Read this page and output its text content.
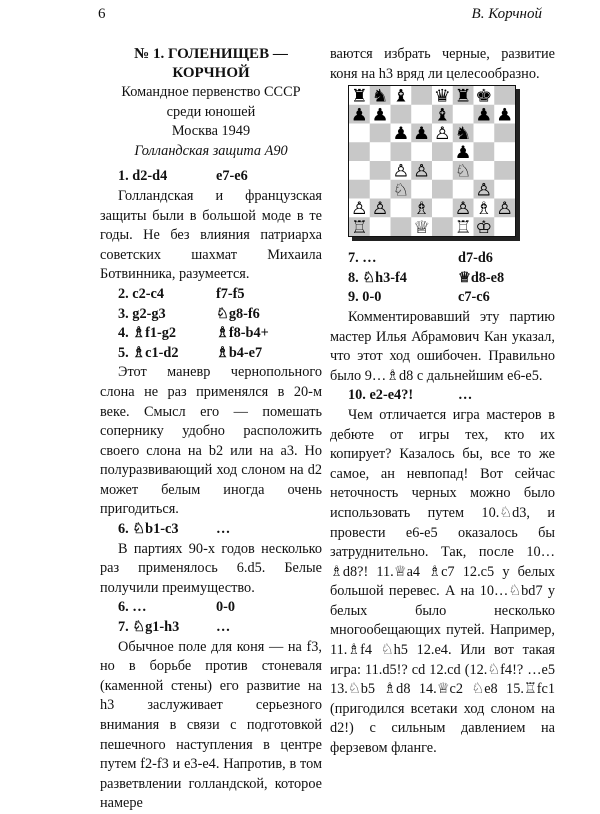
6	В. Корчной
№ 1. ГОЛЕНИЩЕВ —
КОРЧНОЙ

Командное первенство СССР

среди юношей

Москва 1949

Голландская защита А90

1. d2-d4	e7-e6

Голландская и французская защиты были в большой моде в те годы. Не без влияния патриарха советских шахмат Михаила Ботвинника, разумеется.

2. c2-c4	f7-f5
3. g2-g3	♘g8-f6
4. ♗f1-g2	♗f8-b4+
5. ♗c1-d2	♗b4-e7

Этот маневр чернопольного слона не раз применялся в 20-м веке. Смысл его — помешать сопернику удобно расположить своего слона на b2 или на а3. Но полуразвивающий ход слоном на d2 может белым иногда очень пригодиться.

6. ♘b1-c3	…

В партиях 90-х годов несколько раз применялось 6.d5. Белые получили преимущество.

6. …	0-0
7. ♘g1-h3	…

Обычное поле для коня — на f3, но в борьбе против стоневаля (каменной стены) его развитие на h3 заслуживает серьезного внимания в связи с подготовкой пешечного наступления в центре путем f2-f3 и е3-е4. Напротив, в том разветвлении голландской, которое намере

ваются избрать черные, развитие коня на h3 вряд ли целесообразно.

7. …	d7-d6
8. ♘h3-f4	♕d8-e8
9. 0-0	c7-c6

Комментировавший эту партию мастер Илья Абрамович Кан указал, что этот ход ошибочен. Правильно было 9…♗d8 с дальнейшим е6-е5.

10. e2-e4?!	…

Чем отличается игра мастеров в дебюте от игры тех, кто их копирует? Казалось бы, все то же самое, ан невпопад! Вот сейчас неточность черных можно было использовать путем 10.♘d3, и провести е6-е5 оказалось бы затруднительно. Так, после 10…♗d8?! 11.♕a4 ♗c7 12.c5 у белых большой перевес. А на 10…♘bd7 у белых было несколько многообещающих путей. Например, 11.♗f4 ♘h5 12.e4. Или вот такая игра: 11.d5!? cd 12.cd (12.♘f4!? …e5 13.♘b5 ♗d8 14.♕c2 ♘e8 15.♖fc1 (пригодился всетаки ход слоном на d2!) с сильным давлением на ферзевом фланге.
